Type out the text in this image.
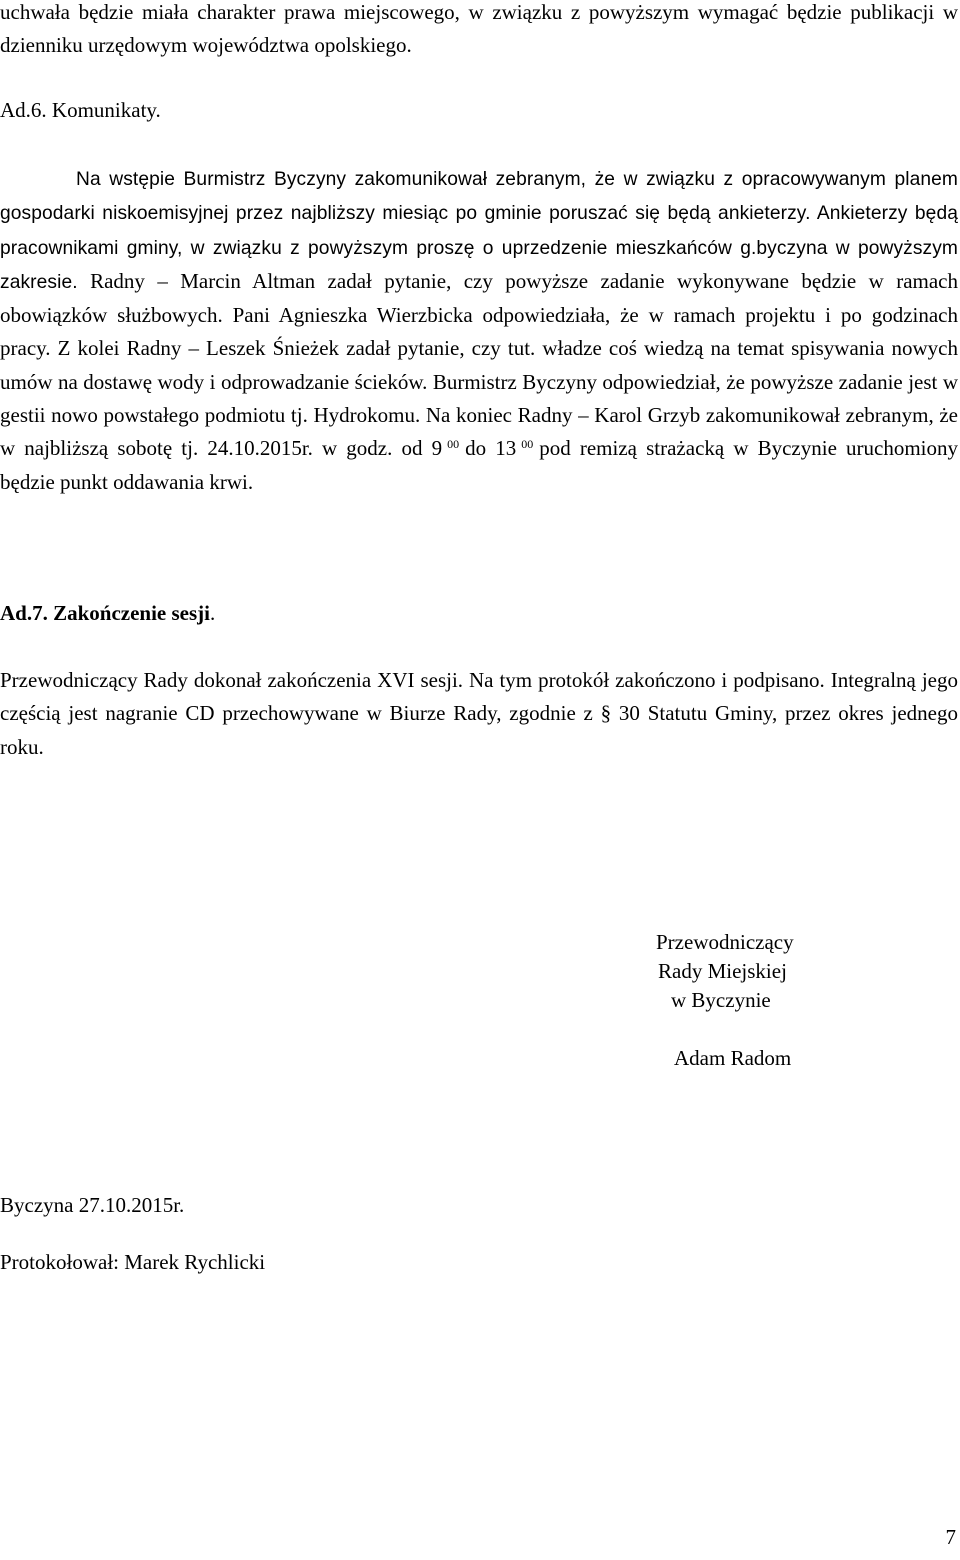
uchwała będzie miała charakter prawa miejscowego, w związku z powyższym wymagać będzie publikacji w dzienniku urzędowym województwa opolskiego.

Ad.6. Komunikaty.

Na wstępie Burmistrz Byczyny zakomunikował zebranym, że w związku z opracowywanym planem gospodarki niskoemisyjnej przez najbliższy miesiąc po gminie poruszać się będą ankieterzy. Ankieterzy będą pracownikami gminy, w związku z powyższym proszę o uprzedzenie mieszkańców g.byczyna w powyższym zakresie. Radny – Marcin Altman zadał pytanie, czy powyższe zadanie wykonywane będzie w ramach obowiązków służbowych. Pani Agnieszka Wierzbicka odpowiedziała, że w ramach projektu i po godzinach pracy. Z kolei Radny – Leszek Śnieżek zadał pytanie, czy tut. władze coś wiedzą na temat spisywania nowych umów na dostawę wody i odprowadzanie ścieków. Burmistrz Byczyny odpowiedział, że powyższe zadanie jest w gestii nowo powstałego podmiotu tj. Hydrokomu. Na koniec Radny – Karol Grzyb zakomunikował zebranym, że w najbliższą sobotę tj. 24.10.2015r. w godz. od 9 $^{00}$ do 13 $^{00}$ pod remizą strażacką w Byczynie uruchomiony będzie punkt oddawania krwi.

Ad.7. Zakończenie sesji.

Przewodniczący Rady dokonał zakończenia XVI sesji. Na tym protokół zakończono i podpisano. Integralną jego częścią jest nagranie CD przechowywane w Biurze Rady, zgodnie z § 30 Statutu Gminy, przez okres jednego roku.

Przewodniczący

Rady Miejskiej

w Byczynie

Adam Radom

Byczyna 27.10.2015r.

Protokołował: Marek Rychlicki

7
